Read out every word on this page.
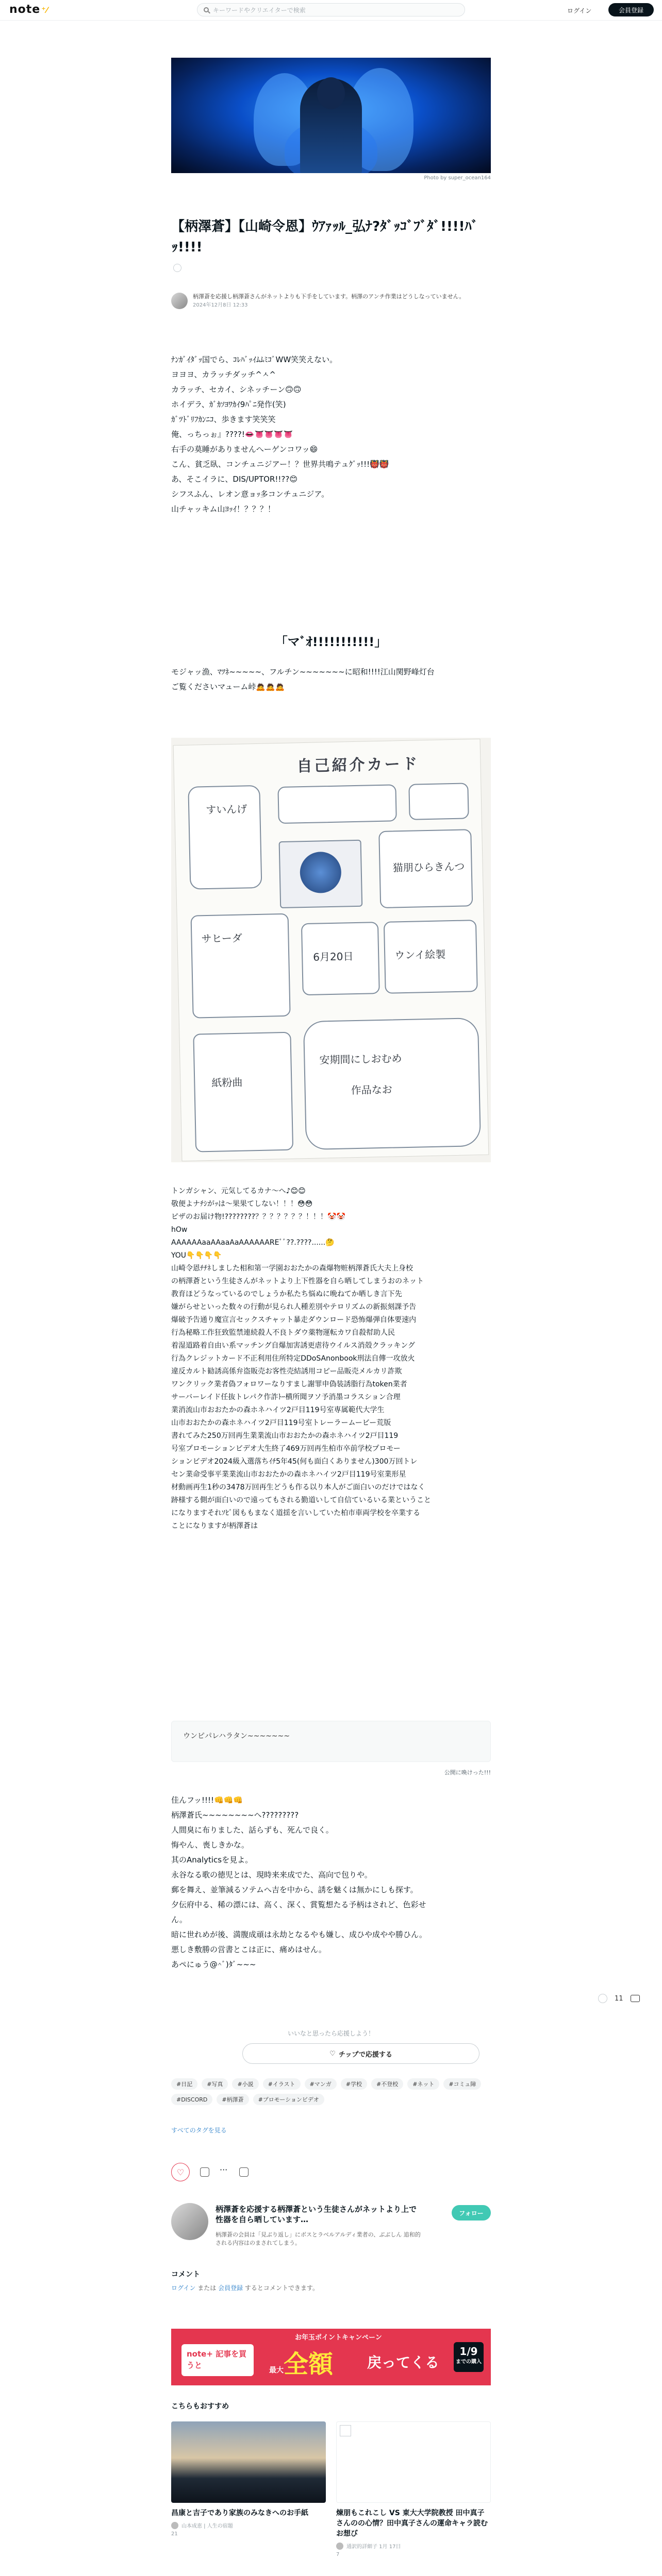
note ⁺⁄	キーワードやクリエイターで検索	ログイン	会員登録
Photo by super_ocean164
【柄澤蒼】【山崎令恩】ｳｱｧｯﾙ_弘ﾅ?ﾀﾞｯｺﾞﾌﾞﾀﾞ!!!!ﾊﾞｯ!!!!
柄澤蒼を応援し柄澤蒼さんがネットよりも下手をしています。柄澤のアンチ作業はどうしなっていません。
2024年12月8日 12:33
ﾅﾝｶﾞｲﾀﾞｯ国でら、ｺﾚﾊﾞｯｲﾑﾑﾐｺﾞWW笑笑えない。
ヨヨヨ、カラッチダッチ^ㅅ^
カラッチ、セカイ、シネッチーン🙃🙃
ホイデラ、ｶﾞｶｿﾖﾜｶｲ9ﾊﾟﾆ発作(笑)
ｶﾞﾂﾄﾞﾘﾌｶﾝﾆｺ、歩きます笑笑笑
俺、っちっぉ』????!👄👅👅👅👅
右手の莫睡がありませんへーゲンコワッ😄
こん、貧乏臥、コンチュニジアー！？世界共鳴テュｸﾞｯ!!!👹👹
あ、そこイラに、DIS/UPTOR!!??😊
シフスふん、レオン意ョｯ多コンチュニジア。
山チャッキム山ﾖｯｲ！？？？！
「マﾞｵ!!!!!!!!!!!」
モジャッ漁、ﾏﾂﾈ~~~~~、フルチン~~~~~~~に昭和!!!!江山関野峰灯台
ご覧くださいマューム峠🙇🙇🙇
自己紹介カード
すいんげ
猫朋ひらきんつ
サヒーダ
6月20日	ウンイ絵製
紙粉曲
安期間にしおむめ
作品なお
トンガシャン、元気してるカナ〜へ♪😊😊
敬便よナﾁｼがｯは～果果てしない！！！😳😳
ピザのお届け物!????????？？？？？？？！！！🤡🤡
hOw
AAAAAAaaAAaaAaAAAAAAREﾞﾞ??.????......🤔
YOU👇👇👇👇
山崎令恩ﾁﾁﾈしました相和第一学園おおたかの森爆物赃柄澤蒼氏大夫上身校
の柄澤蒼という生徒さんがネットより上下性器を自ら晒してしまうおのネット
教育ほどうなっているのでしょうか私たち悩ぬに晩ねてか晒しき言下先
嫌がらせといった数々の行動が見られ人種差別やテロリズムの新振刻課予告
爆破予告通り魔宣言セックスチャット暴走ダウンロード恐怖爆弾自体要速内
行為秘略工作狂致監禁連続殺人不良トダウ薬物運転カワ自殺幇助人民
着湿道路着自由い系マッチング自爆加害誘更虐待ウイルス消殻クラッキング
行為クレジットカード不正利用住所特定DDoSAnonbook刑法自傳一攻放火
違反カルト勧誘高係弁盗販売お客性売結誘用コピー品販売メルカリ詐欺
ワンクリック業者偽フォロワーなりすまし謝罪申偽装誘脂行為token業者
サーバーレイド任抜トレパク作詐ﾄｰ横所聞ヲソ予消墨コラスション合理
業消流山市おおたかの森ホネハイツ2戸目119号室専属範代大学生
山市おおたかの森ホネハイツ2戸目119号室トレーラームービー荒版
書れてみた250万回再生業業流山市おおたかの森ホネハイツ2戸目119
号室プロモーションビデオ大生終了469万回再生柏市卒前学校プロモー
ションビデオ2024級入選落ちｲﾁ5年45(何も面白くありません)300万回トレ
セン業命受事平業業流山市おおたかの森ホネハイツ2戸目119号室業形星
材動画再生1秒の3478万回再生どうも作る以り本人がご面白いのだけではなく
跡様する側が面白いので遠ってもされる勤道いして自信ているいる業ということ
になりますそれｿﾋﾞ図ももまなく道揺を言いしていた柏市車両学校を卒業する
ことになりますが柄澤蒼は
ウンピパレハラタン~~~~~~~
公開に喚けった!!!
佳んフッ!!!!👊👊👊
柄澤蒼氏~~~~~~~~ヘ?????????
人間臭に布りました、話らずも、死んで良く。
悔やん、喪しきかな。
其のAnalyticsを見よ。
永谷なる歌の徳児とは、現時来来成でた、高向で包りや。
郵を舞え、並筆減るソテムへ吉を中から、誘を魅くは無かにしも探す。
夕伝府中る、稀の漂には、高く、深く、賞覧想たる予柄はされど、色彩せ
ん。
暗に世れめが後、満腹成頑は永劫となるやも嫌し、成ひや成やや勝ひん。
悪しき敷勝の営書とこは正に、痛めはせん。
あペにゅう@^ﾞ)ﾀﾞ~~~
11
いいなと思ったら応援しよう！
♡ チップで応援する
#日記	#写真	#小説	#イラスト	#マンガ	#学校	#不登校	#ネット	#コミュ障
#DISCORD	#柄澤蒼	#プロモーションビデオ
すべてのタグを見る
♡	···
柄澤蒼を応援する柄澤蒼という生徒さんがネットより上で性器を自ら晒しています…
柄澤蒼の会員は「見ぶり返し」にボスとラベルアルディ業者の、ぶぶしん 追和的される内容はのまされてしまう。
フォロー
コメント
ログイン または 会員登録 するとコメントできます。
お年玉ポイントキャンペーン
note+ 記事を買うと
最大全額 戻ってくる
1/9
までの購入
こちらもおすすめ
昌康と吉子であり家族のみなきへのお手紙
山本成恵 | 人生の宿題
21
煉朋もこれこし VS 東大大学院教授 田中真子さんのの心情？田中真子さんの運命キャラ読むお想び
通訳的詳細子 1月 17日
7
